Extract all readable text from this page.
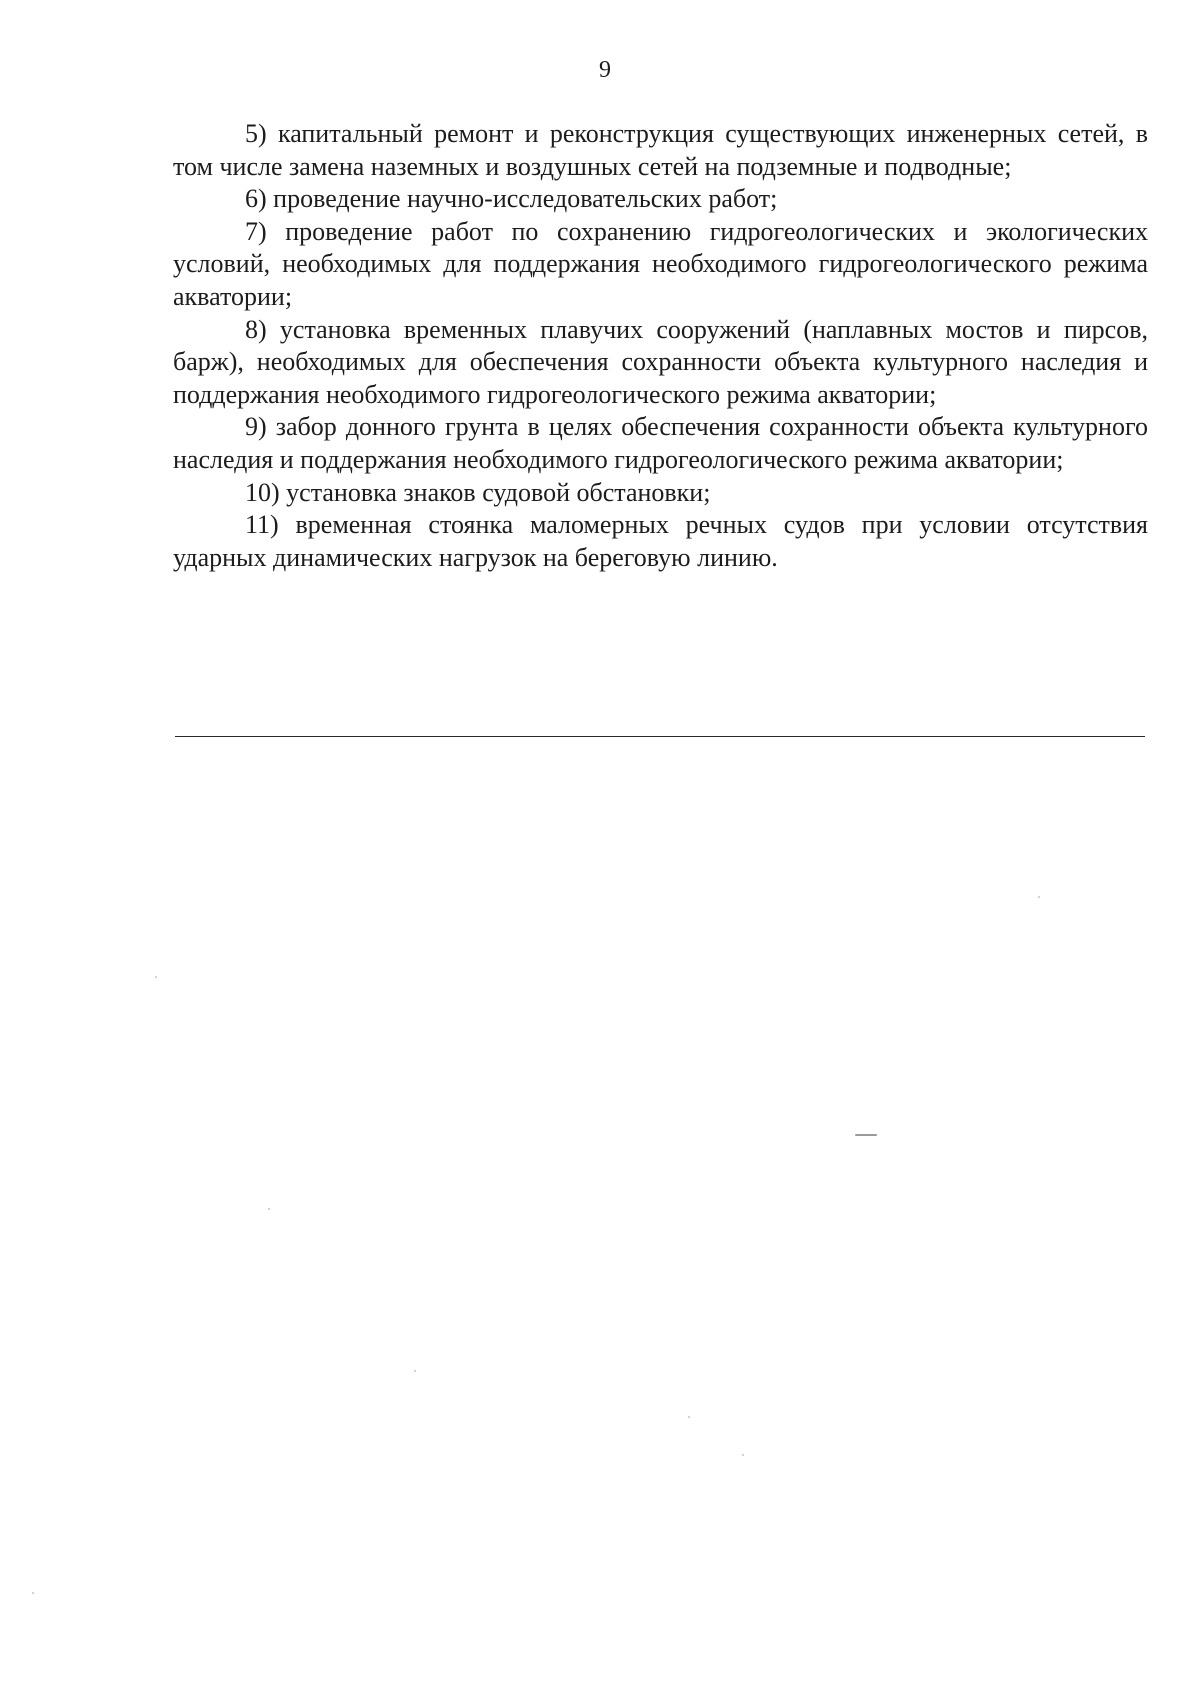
9

5) капитальный ремонт и реконструкция существующих инженерных сетей, в том числе замена наземных и воздушных сетей на подземные и подводные;

6) проведение научно-исследовательских работ;

7) проведение работ по сохранению гидрогеологических и экологических условий, необходимых для поддержания необходимого гидрогеологического режима акватории;

8) установка временных плавучих сооружений (наплавных мостов и пирсов, барж), необходимых для обеспечения сохранности объекта культурного наследия и поддержания необходимого гидрогеологического режима акватории;

9) забор донного грунта в целях обеспечения сохранности объекта культурного наследия и поддержания необходимого гидрогеологического режима акватории;

10) установка знаков судовой обстановки;

11) временная стоянка маломерных речных судов при условии отсутствия ударных динамических нагрузок на береговую линию.
